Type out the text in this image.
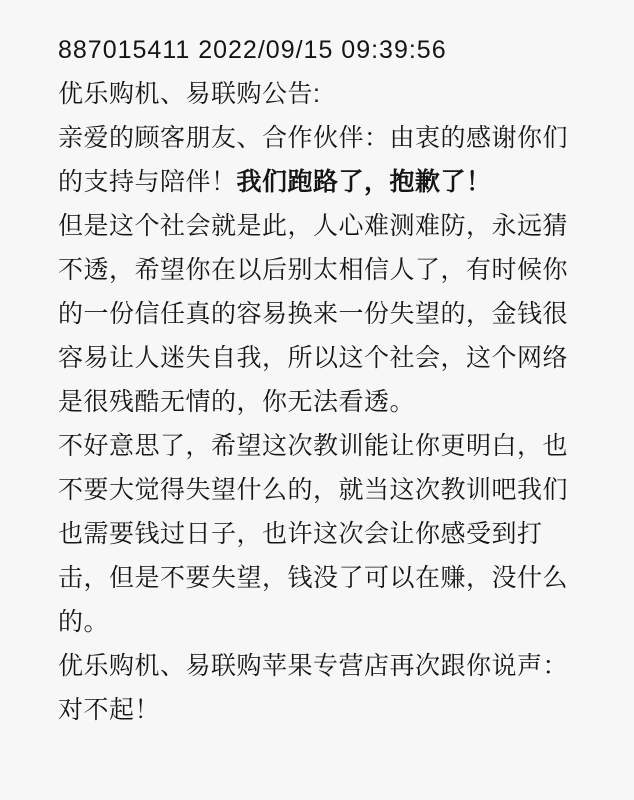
887015411 2022/09/15 09:39:56
优乐购机、易联购公告:

亲爱的顾客朋友、合作伙伴：由衷的感谢你们的支持与陪伴！我们跑路了，抱歉了！

但是这个社会就是此，人心难测难防，永远猜不透，希望你在以后别太相信人了，有时候你的一份信任真的容易换来一份失望的，金钱很容易让人迷失自我，所以这个社会，这个网络是很残酷无情的，你无法看透。

不好意思了，希望这次教训能让你更明白，也不要大觉得失望什么的，就当这次教训吧我们也需要钱过日子，也许这次会让你感受到打击，但是不要失望，钱没了可以在赚，没什么的。

优乐购机、易联购苹果专营店再次跟你说声：对不起！
